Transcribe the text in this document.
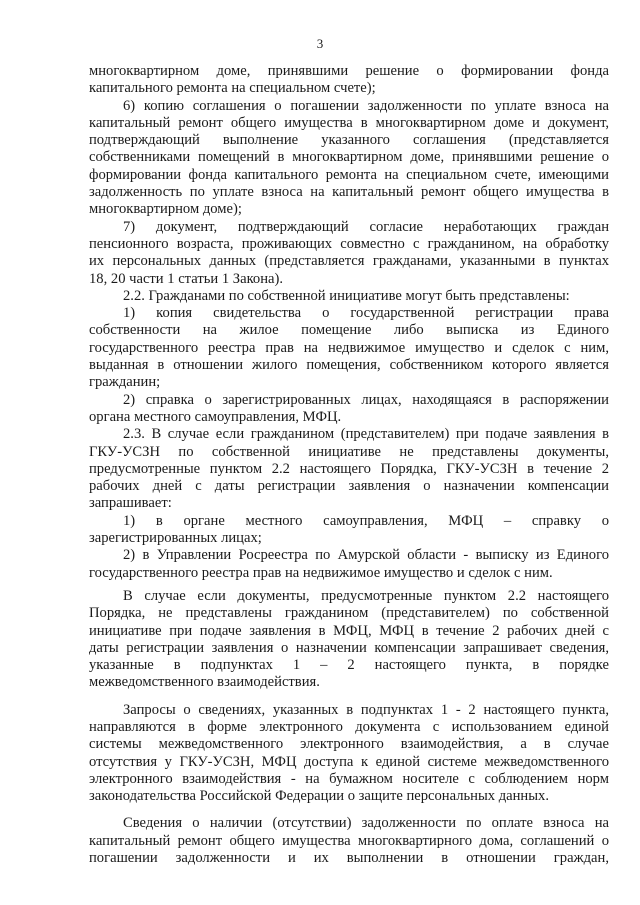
3
многоквартирном доме, принявшими решение о формировании фонда
капитального ремонта на специальном счете);
6) копию соглашения о погашении задолженности по уплате взноса на
капитальный ремонт общего имущества в многоквартирном доме и документ,
подтверждающий выполнение указанного соглашения (представляется
собственниками помещений в многоквартирном доме, принявшими решение о
формировании фонда капитального ремонта на специальном счете, имеющими
задолженность по уплате взноса на капитальный ремонт общего имущества в
многоквартирном доме);
7) документ, подтверждающий согласие неработающих граждан
пенсионного возраста, проживающих совместно с гражданином, на обработку
их персональных данных (представляется гражданами, указанными в пунктах
18, 20 части 1 статьи 1 Закона).
2.2. Гражданами по собственной инициативе могут быть представлены:
1) копия свидетельства о государственной регистрации права
собственности на жилое помещение либо выписка из Единого
государственного реестра прав на недвижимое имущество и сделок с ним,
выданная в отношении жилого помещения, собственником которого является
гражданин;
2) справка о зарегистрированных лицах, находящаяся в распоряжении
органа местного самоуправления, МФЦ.
2.3. В случае если гражданином (представителем) при подаче заявления в
ГКУ-УСЗН по собственной инициативе не представлены документы,
предусмотренные пунктом 2.2 настоящего Порядка, ГКУ-УСЗН в течение 2
рабочих дней с даты регистрации заявления о назначении компенсации
запрашивает:
1) в органе местного самоуправления, МФЦ – справку о
зарегистрированных лицах;
2) в Управлении Росреестра по Амурской области - выписку из Единого
государственного реестра прав на недвижимое имущество и сделок с ним.
В случае если документы, предусмотренные пунктом 2.2 настоящего
Порядка, не представлены гражданином (представителем) по собственной
инициативе при подаче заявления в МФЦ, МФЦ в течение 2 рабочих дней с
даты регистрации заявления о назначении компенсации запрашивает сведения,
указанные в подпунктах 1 – 2 настоящего пункта, в порядке
межведомственного взаимодействия.
Запросы о сведениях, указанных в подпунктах 1 - 2 настоящего пункта,
направляются в форме электронного документа с использованием единой
системы межведомственного электронного взаимодействия, а в случае
отсутствия у ГКУ-УСЗН, МФЦ доступа к единой системе межведомственного
электронного взаимодействия - на бумажном носителе с соблюдением норм
законодательства Российской Федерации о защите персональных данных.
Сведения о наличии (отсутствии) задолженности по оплате взноса на
капитальный ремонт общего имущества многоквартирного дома, соглашений о
погашении задолженности и их выполнении в отношении граждан,
